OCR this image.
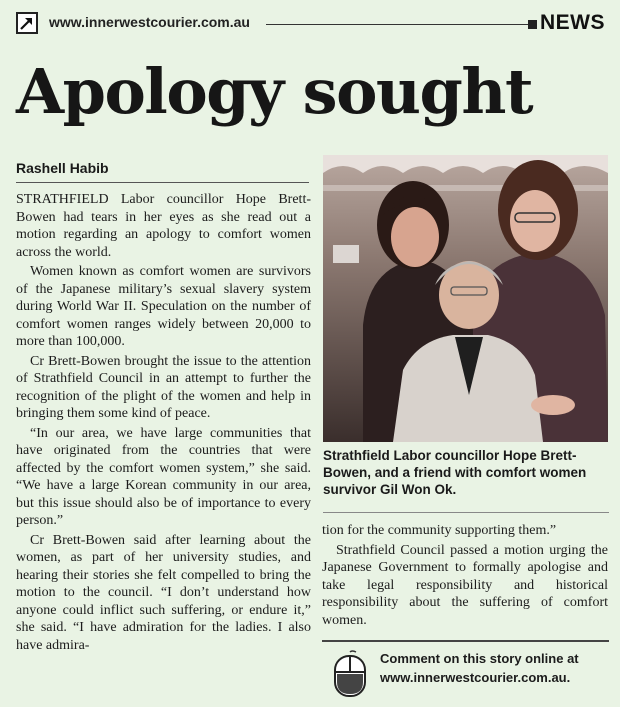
www.innerwestcourier.com.au	NEWS
Apology sought
Rashell Habib

STRATHFIELD Labor councillor Hope Brett-Bowen had tears in her eyes as she read out a motion regarding an apology to comfort women across the world.

Women known as comfort women are survivors of the Japanese military’s sexual slavery system during World War II. Speculation on the number of comfort women ranges widely between 20,000 to more than 100,000.

Cr Brett-Bowen brought the issue to the attention of Strathfield Council in an attempt to further the recognition of the plight of the women and help in bringing them some kind of peace.

“In our area, we have large communities that have originated from the countries that were affected by the comfort women system,” she said. “We have a large Korean community in our area, but this issue should also be of importance to every person.”

Cr Brett-Bowen said after learning about the women, as part of her university studies, and hearing their stories she felt compelled to bring the motion to the council. “I don’t understand how anyone could inflict such suffering, or endure it,” she said. “I have admiration for the ladies. I also have admira-

Strathfield Labor councillor Hope Brett-Bowen, and a friend with comfort women survivor Gil Won Ok.

tion for the community supporting them.”

Strathfield Council passed a motion urging the Japanese Government to formally apologise and take legal responsibility and historical responsibility about the suffering of comfort women.

Comment on this story online at www.innerwestcourier.com.au.
